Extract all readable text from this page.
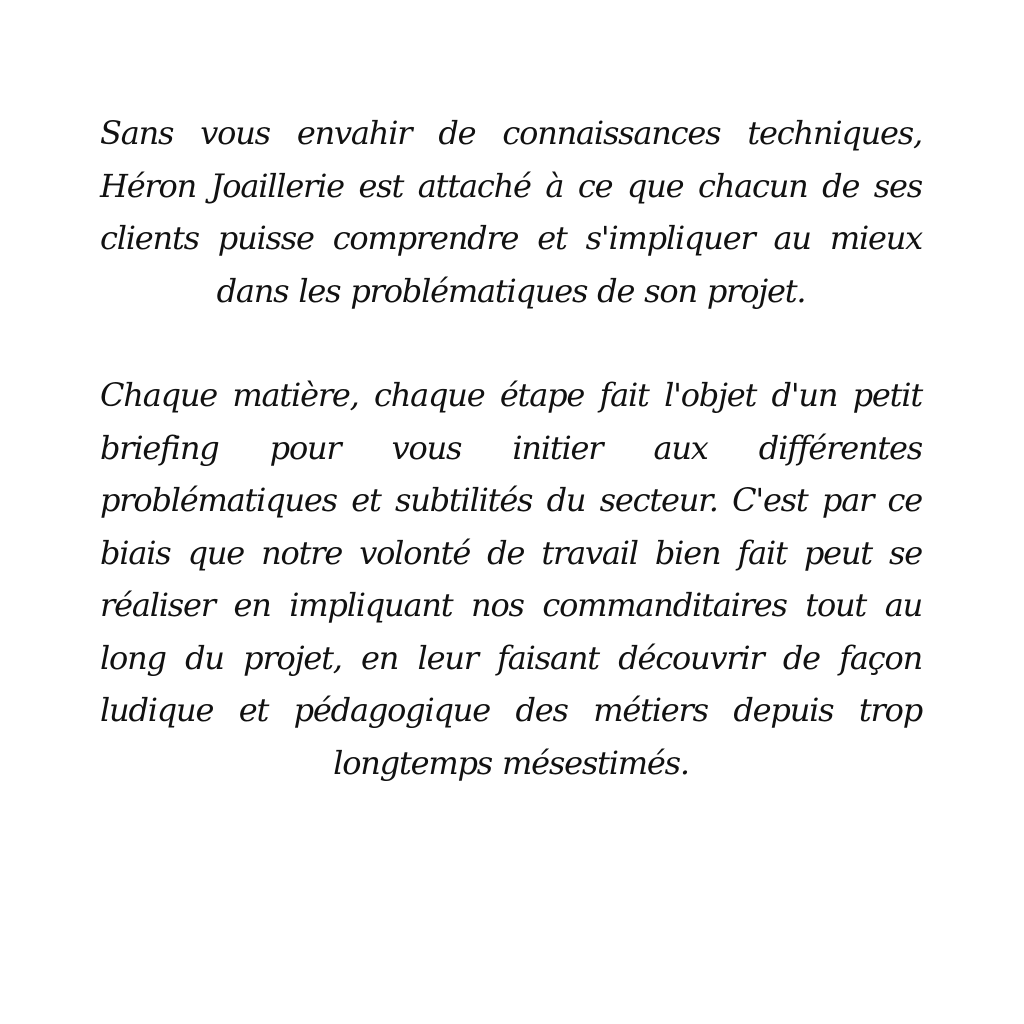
Sans vous envahir de connaissances techniques, Héron Joaillerie est attaché à ce que chacun de ses clients puisse comprendre et s'impliquer au mieux dans les problématiques de son projet.

Chaque matière, chaque étape fait l'objet d'un petit briefing pour vous initier aux différentes problématiques et subtilités du secteur. C'est par ce biais que notre volonté de travail bien fait peut se réaliser en impliquant nos commanditaires tout au long du projet, en leur faisant découvrir de façon ludique et pédagogique des métiers depuis trop longtemps mésestimés.
